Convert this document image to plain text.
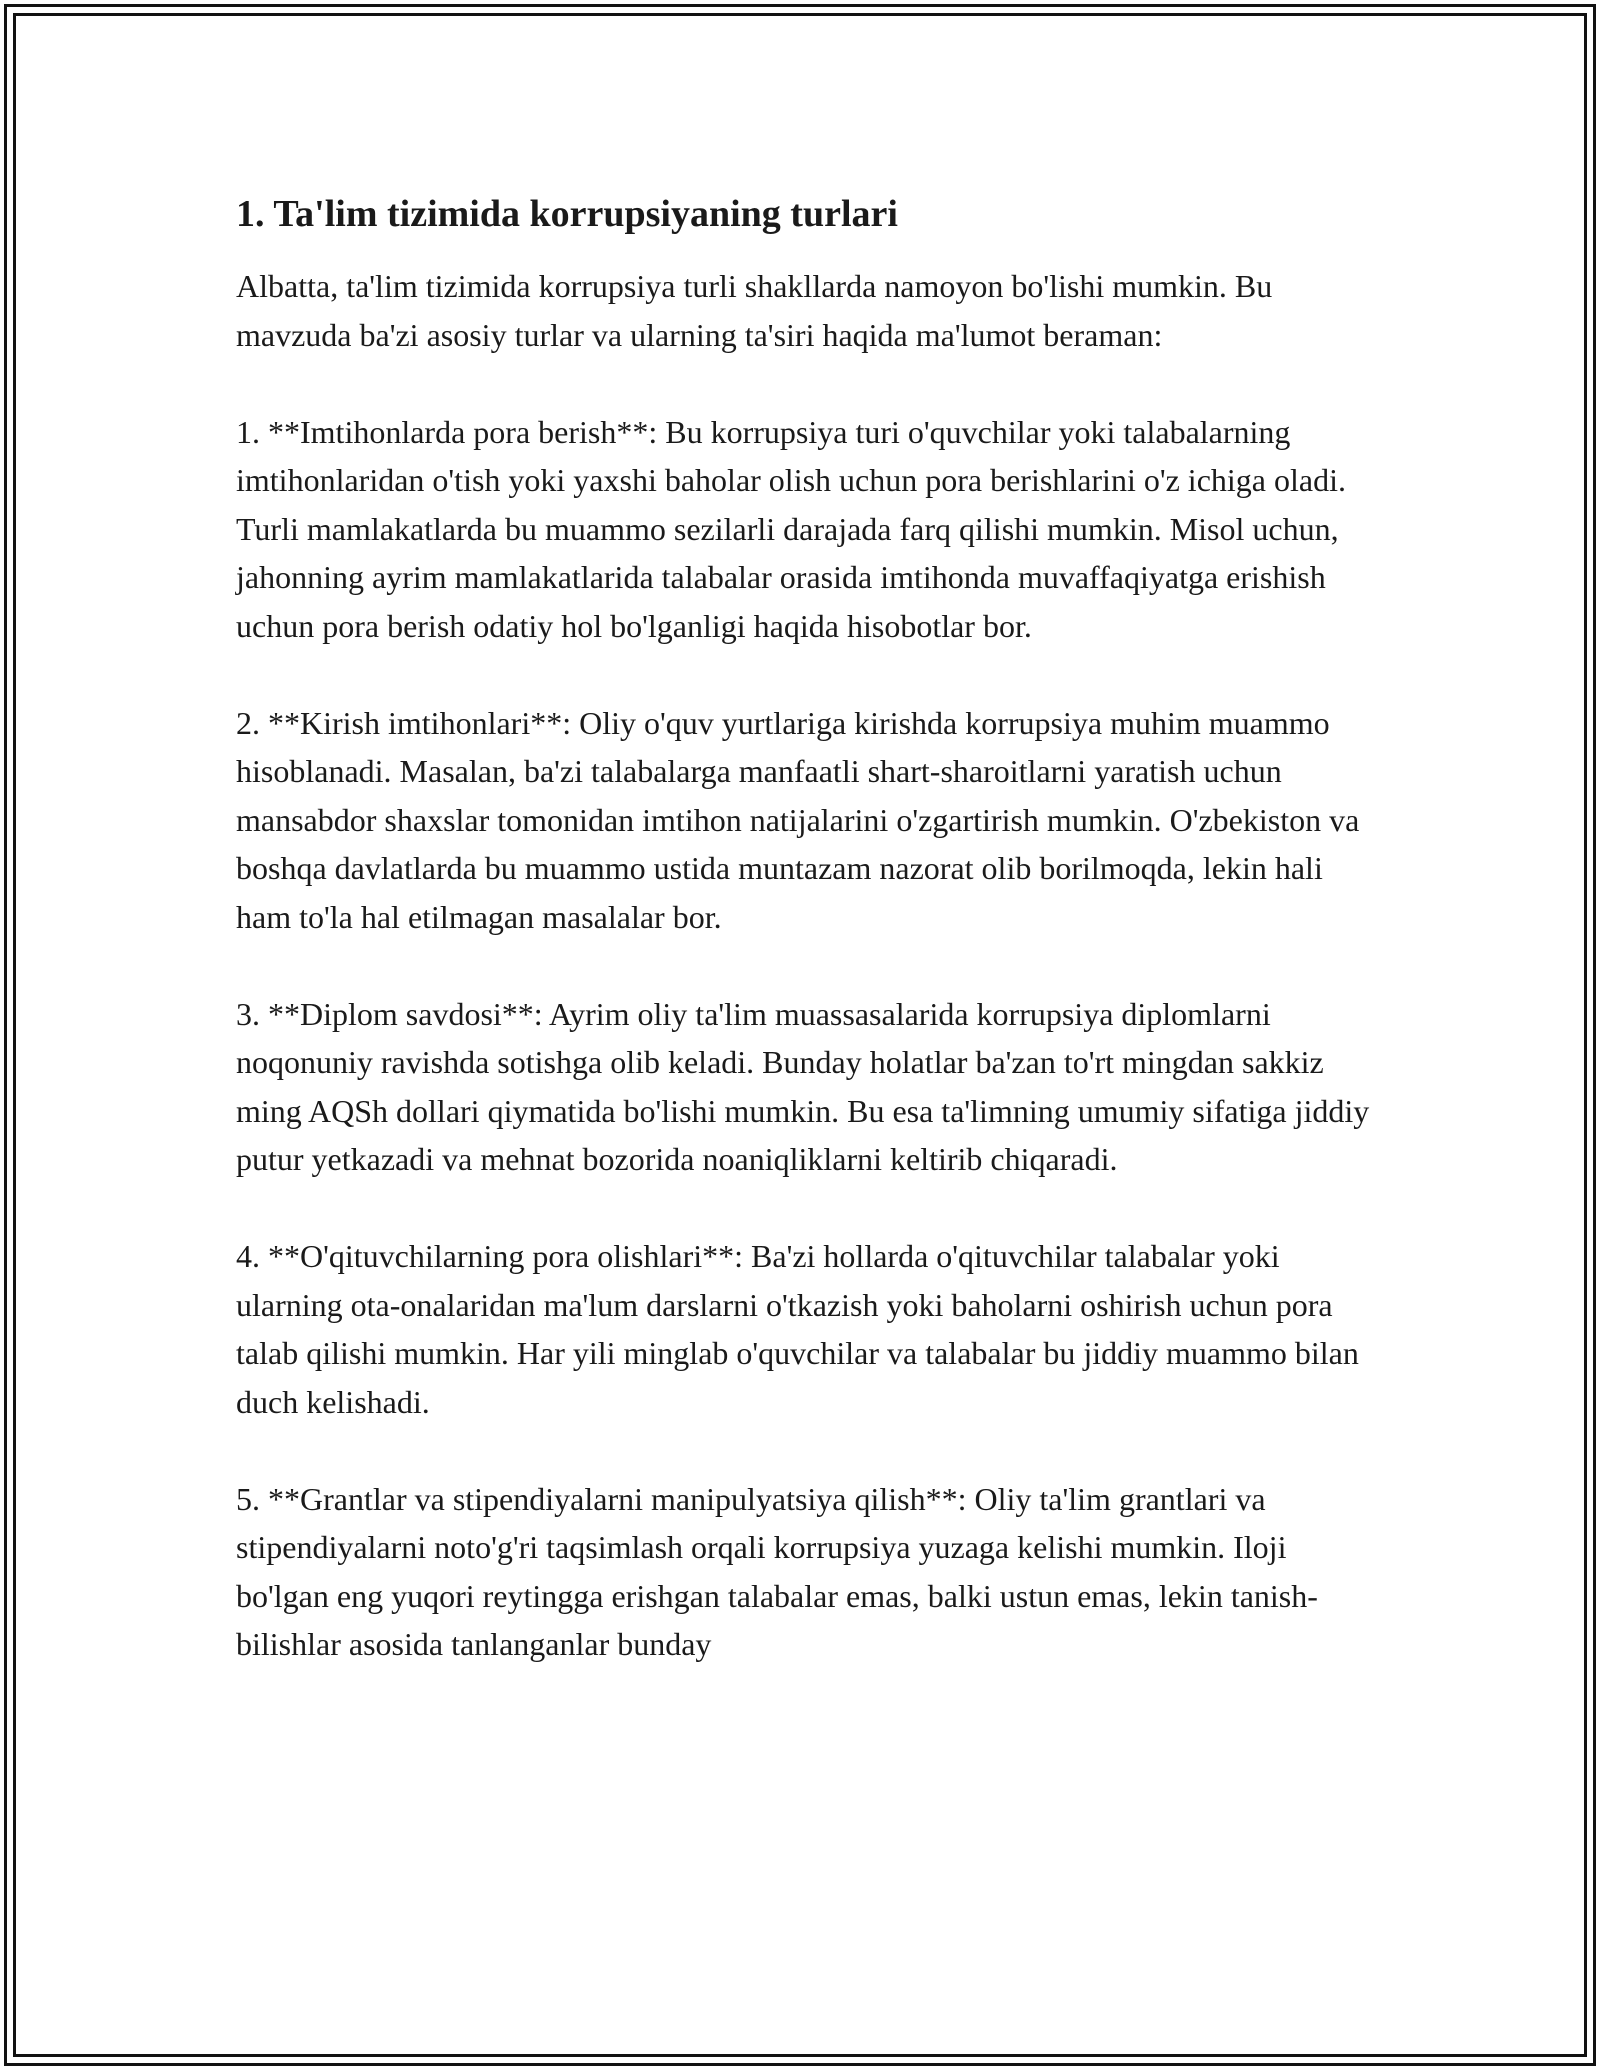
1. Ta'lim tizimida korrupsiyaning turlari

Albatta, ta'lim tizimida korrupsiya turli shakllarda namoyon bo'lishi mumkin. Bu mavzuda ba'zi asosiy turlar va ularning ta'siri haqida ma'lumot beraman:

1. **Imtihonlarda pora berish**: Bu korrupsiya turi o'quvchilar yoki talabalarning imtihonlaridan o'tish yoki yaxshi baholar olish uchun pora berishlarini o'z ichiga oladi. Turli mamlakatlarda bu muammo sezilarli darajada farq qilishi mumkin. Misol uchun, jahonning ayrim mamlakatlarida talabalar orasida imtihonda muvaffaqiyatga erishish uchun pora berish odatiy hol bo'lganligi haqida hisobotlar bor.

2. **Kirish imtihonlari**: Oliy o'quv yurtlariga kirishda korrupsiya muhim muammo hisoblanadi. Masalan, ba'zi talabalarga manfaatli shart-sharoitlarni yaratish uchun mansabdor shaxslar tomonidan imtihon natijalarini o'zgartirish mumkin. O'zbekiston va boshqa davlatlarda bu muammo ustida muntazam nazorat olib borilmoqda, lekin hali ham to'la hal etilmagan masalalar bor.

3. **Diplom savdosi**: Ayrim oliy ta'lim muassasalarida korrupsiya diplomlarni noqonuniy ravishda sotishga olib keladi. Bunday holatlar ba'zan to'rt mingdan sakkiz ming AQSh dollari qiymatida bo'lishi mumkin. Bu esa ta'limning umumiy sifatiga jiddiy putur yetkazadi va mehnat bozorida noaniqliklarni keltirib chiqaradi.

4. **O'qituvchilarning pora olishlari**: Ba'zi hollarda o'qituvchilar talabalar yoki ularning ota-onalaridan ma'lum darslarni o'tkazish yoki baholarni oshirish uchun pora talab qilishi mumkin. Har yili minglab o'quvchilar va talabalar bu jiddiy muammo bilan duch kelishadi.

5. **Grantlar va stipendiyalarni manipulyatsiya qilish**: Oliy ta'lim grantlari va stipendiyalarni noto'g'ri taqsimlash orqali korrupsiya yuzaga kelishi mumkin. Iloji bo'lgan eng yuqori reytingga erishgan talabalar emas, balki ustun emas, lekin tanish-bilishlar asosida tanlanganlar bunday
